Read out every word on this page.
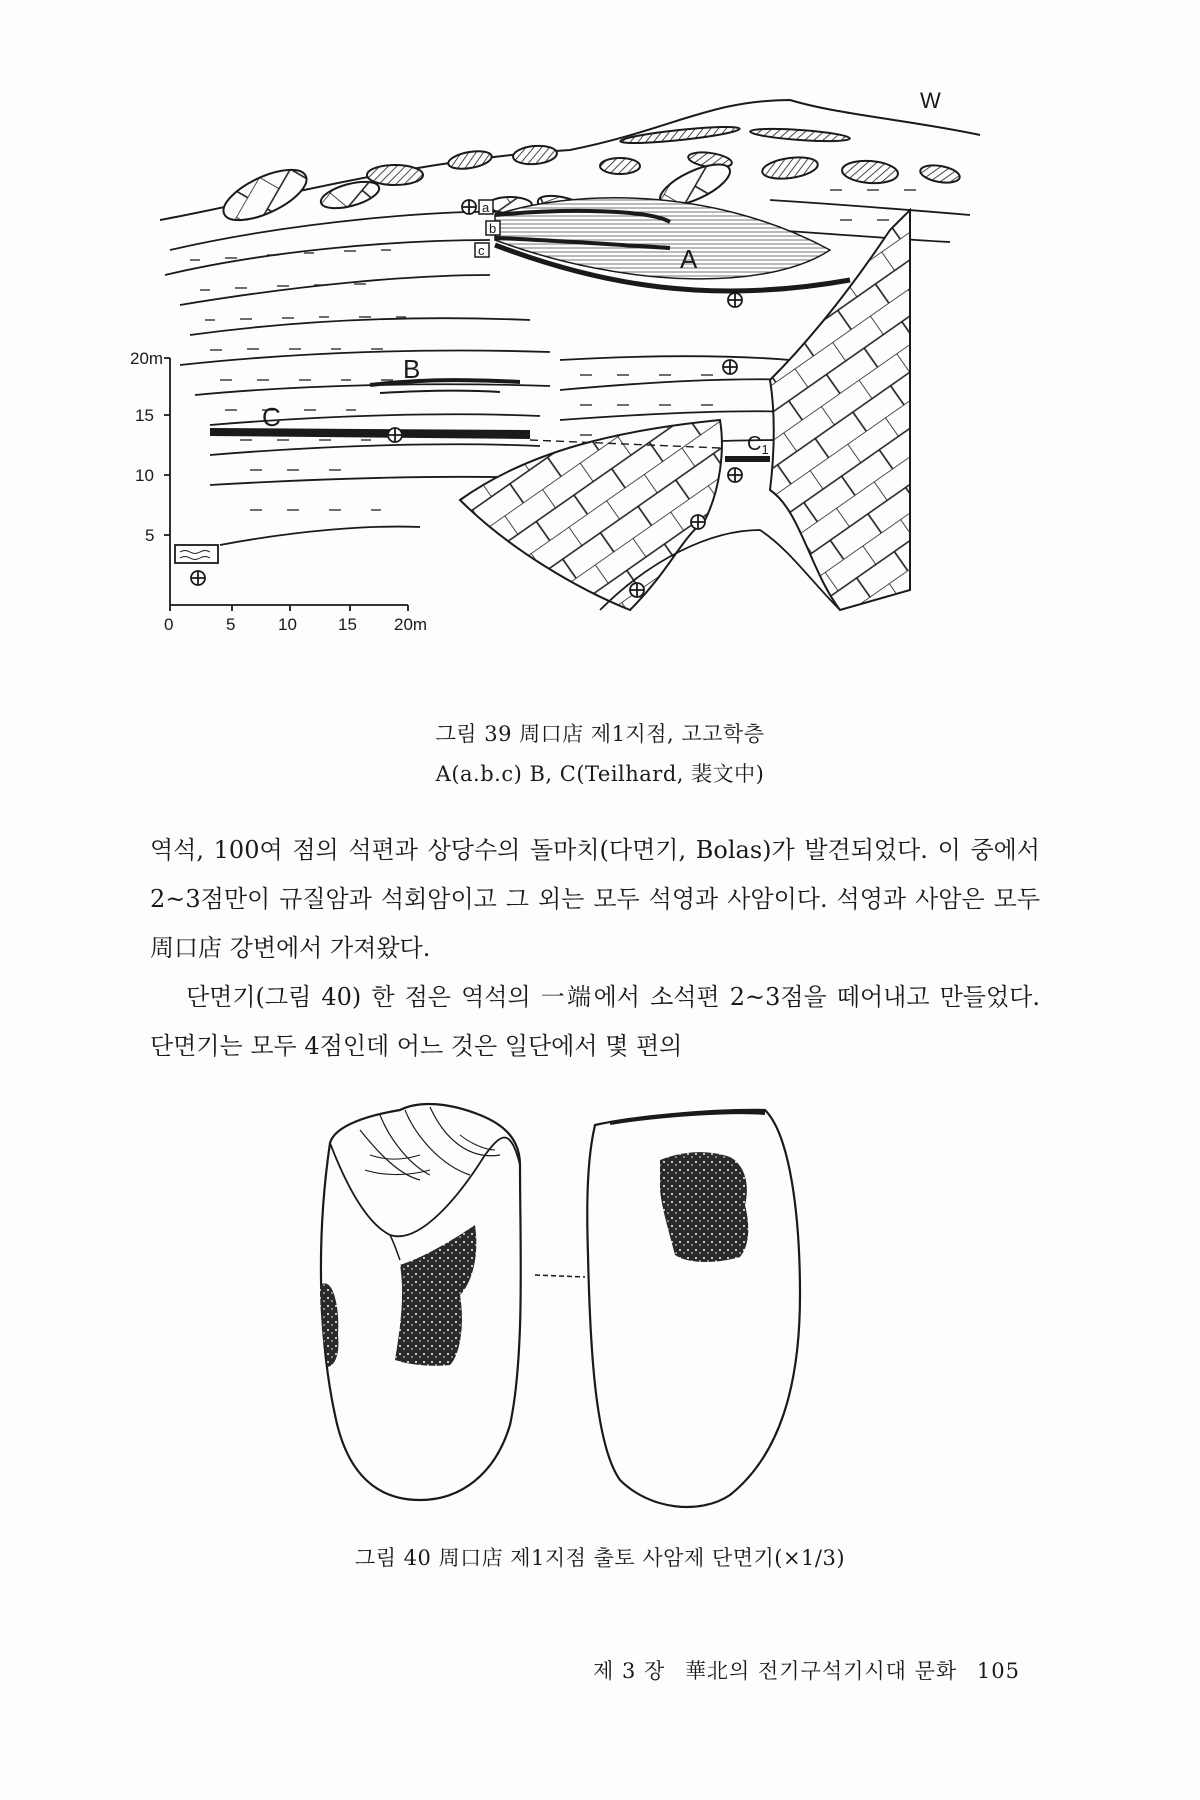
a
b
c
W
A
B
C
$C_1$
20m
15
10
5
0	5	10 15 20m
그림 39 周口店 제1지점, 고고학층
A(a.b.c) B, C(Teilhard, 裴文中)

역석, 100여 점의 석편과 상당수의 돌마치(다면기, Bolas)가 발견되었다. 이 중에서 2~3점만이 규질암과 석회암이고 그 외는 모두 석영과 사암이다. 석영과 사암은 모두 周口店 강변에서 가져왔다.

단면기(그림 40) 한 점은 역석의 一端에서 소석편 2~3점을 떼어내고 만들었다. 단면기는 모두 4점인데 어느 것은 일단에서 몇 편의

그림 40 周口店 제1지점 출토 사암제 단면기(×1/3)
제 3 장 華北의 전기구석기시대 문화 105
